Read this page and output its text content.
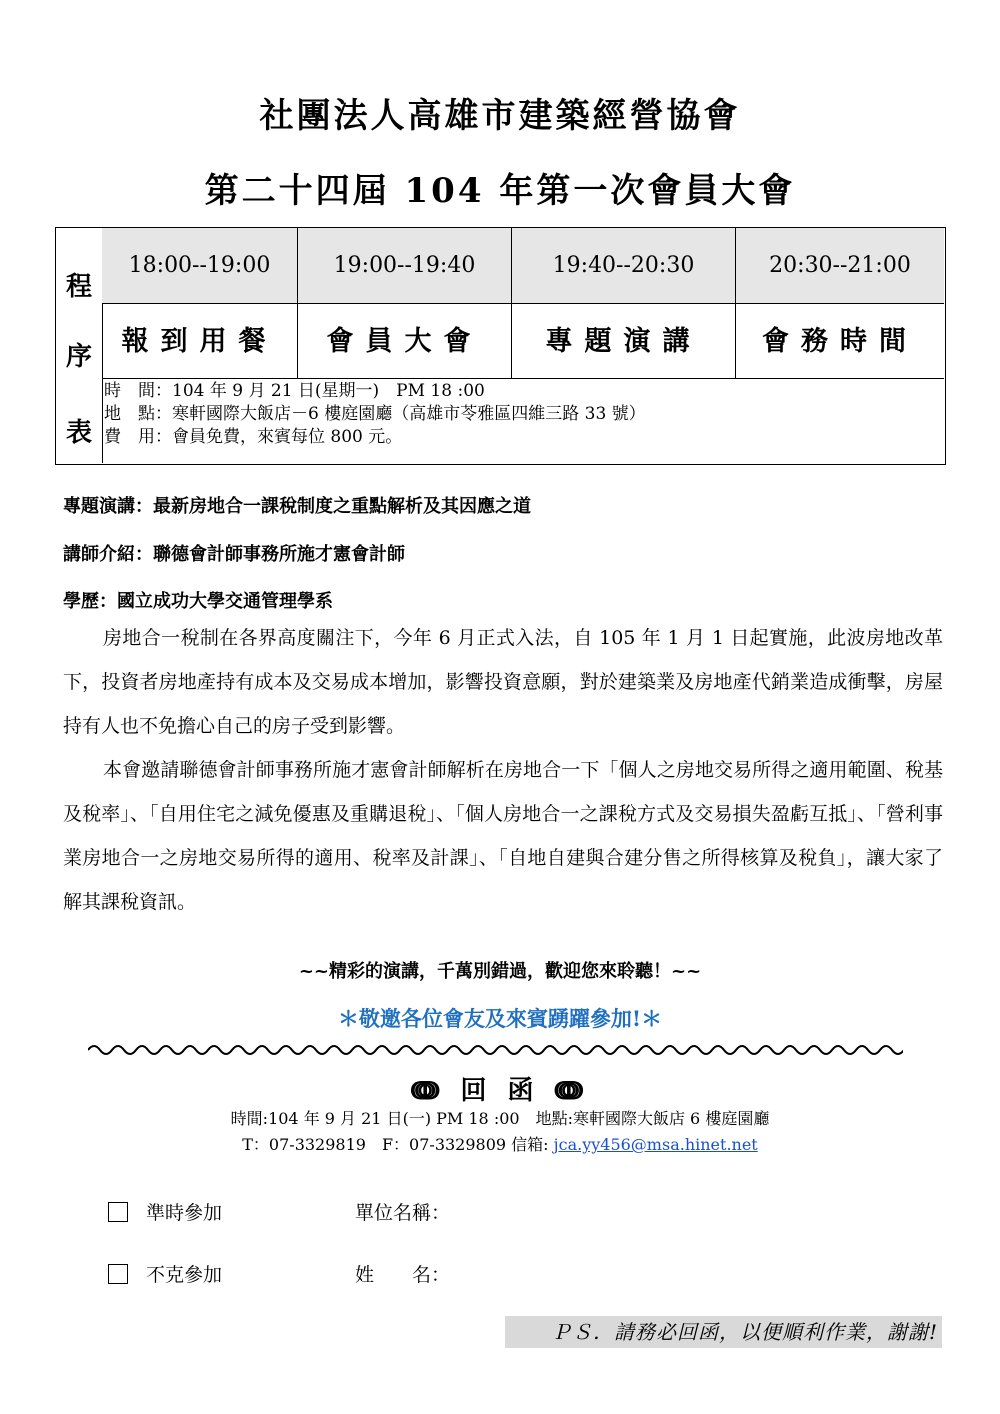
社團法人高雄市建築經營協會
第二十四屆 104 年第一次會員大會
程
序
表
18:00--19:00	19:00--19:40	19:40--20:30	20:30--21:00
報到用餐	會員大會	專題演講	會務時間
時　間：104 年 9 月 21 日(星期一)　PM 18 :00
地　點：寒軒國際大飯店－6 樓庭園廳（高雄市苓雅區四維三路 33 號）
費　用：會員免費，來賓每位 800 元。
專題演講：最新房地合一課稅制度之重點解析及其因應之道
講師介紹：聯德會計師事務所施才憲會計師
學歷：國立成功大學交通管理學系

房地合一稅制在各界高度關注下，今年 6 月正式入法，自 105 年 1 月 1 日起實施，此波房地改革下，投資者房地產持有成本及交易成本增加，影響投資意願，對於建築業及房地產代銷業造成衝擊，房屋持有人也不免擔心自己的房子受到影響。

本會邀請聯德會計師事務所施才憲會計師解析在房地合一下「個人之房地交易所得之適用範圍、稅基及稅率」、「自用住宅之減免優惠及重購退稅」、「個人房地合一之課稅方式及交易損失盈虧互抵」、「營利事業房地合一之房地交易所得的適用、稅率及計課」、「自地自建與合建分售之所得核算及稅負」，讓大家了解其課稅資訊。

~~精彩的演講，千萬別錯過，歡迎您來聆聽！~~
＊敬邀各位會友及來賓踴躍參加!＊
ↈ 回 函 ↈ
時間:104 年 9 月 21 日(一) PM 18 :00　地點:寒軒國際大飯店 6 樓庭園廳
T：07-3329819　F：07-3329809 信箱: jca.yy456@msa.hinet.net
準時參加	單位名稱：
不克參加	姓　　名：
ＰＳ．請務必回函，以便順利作業，謝謝!
